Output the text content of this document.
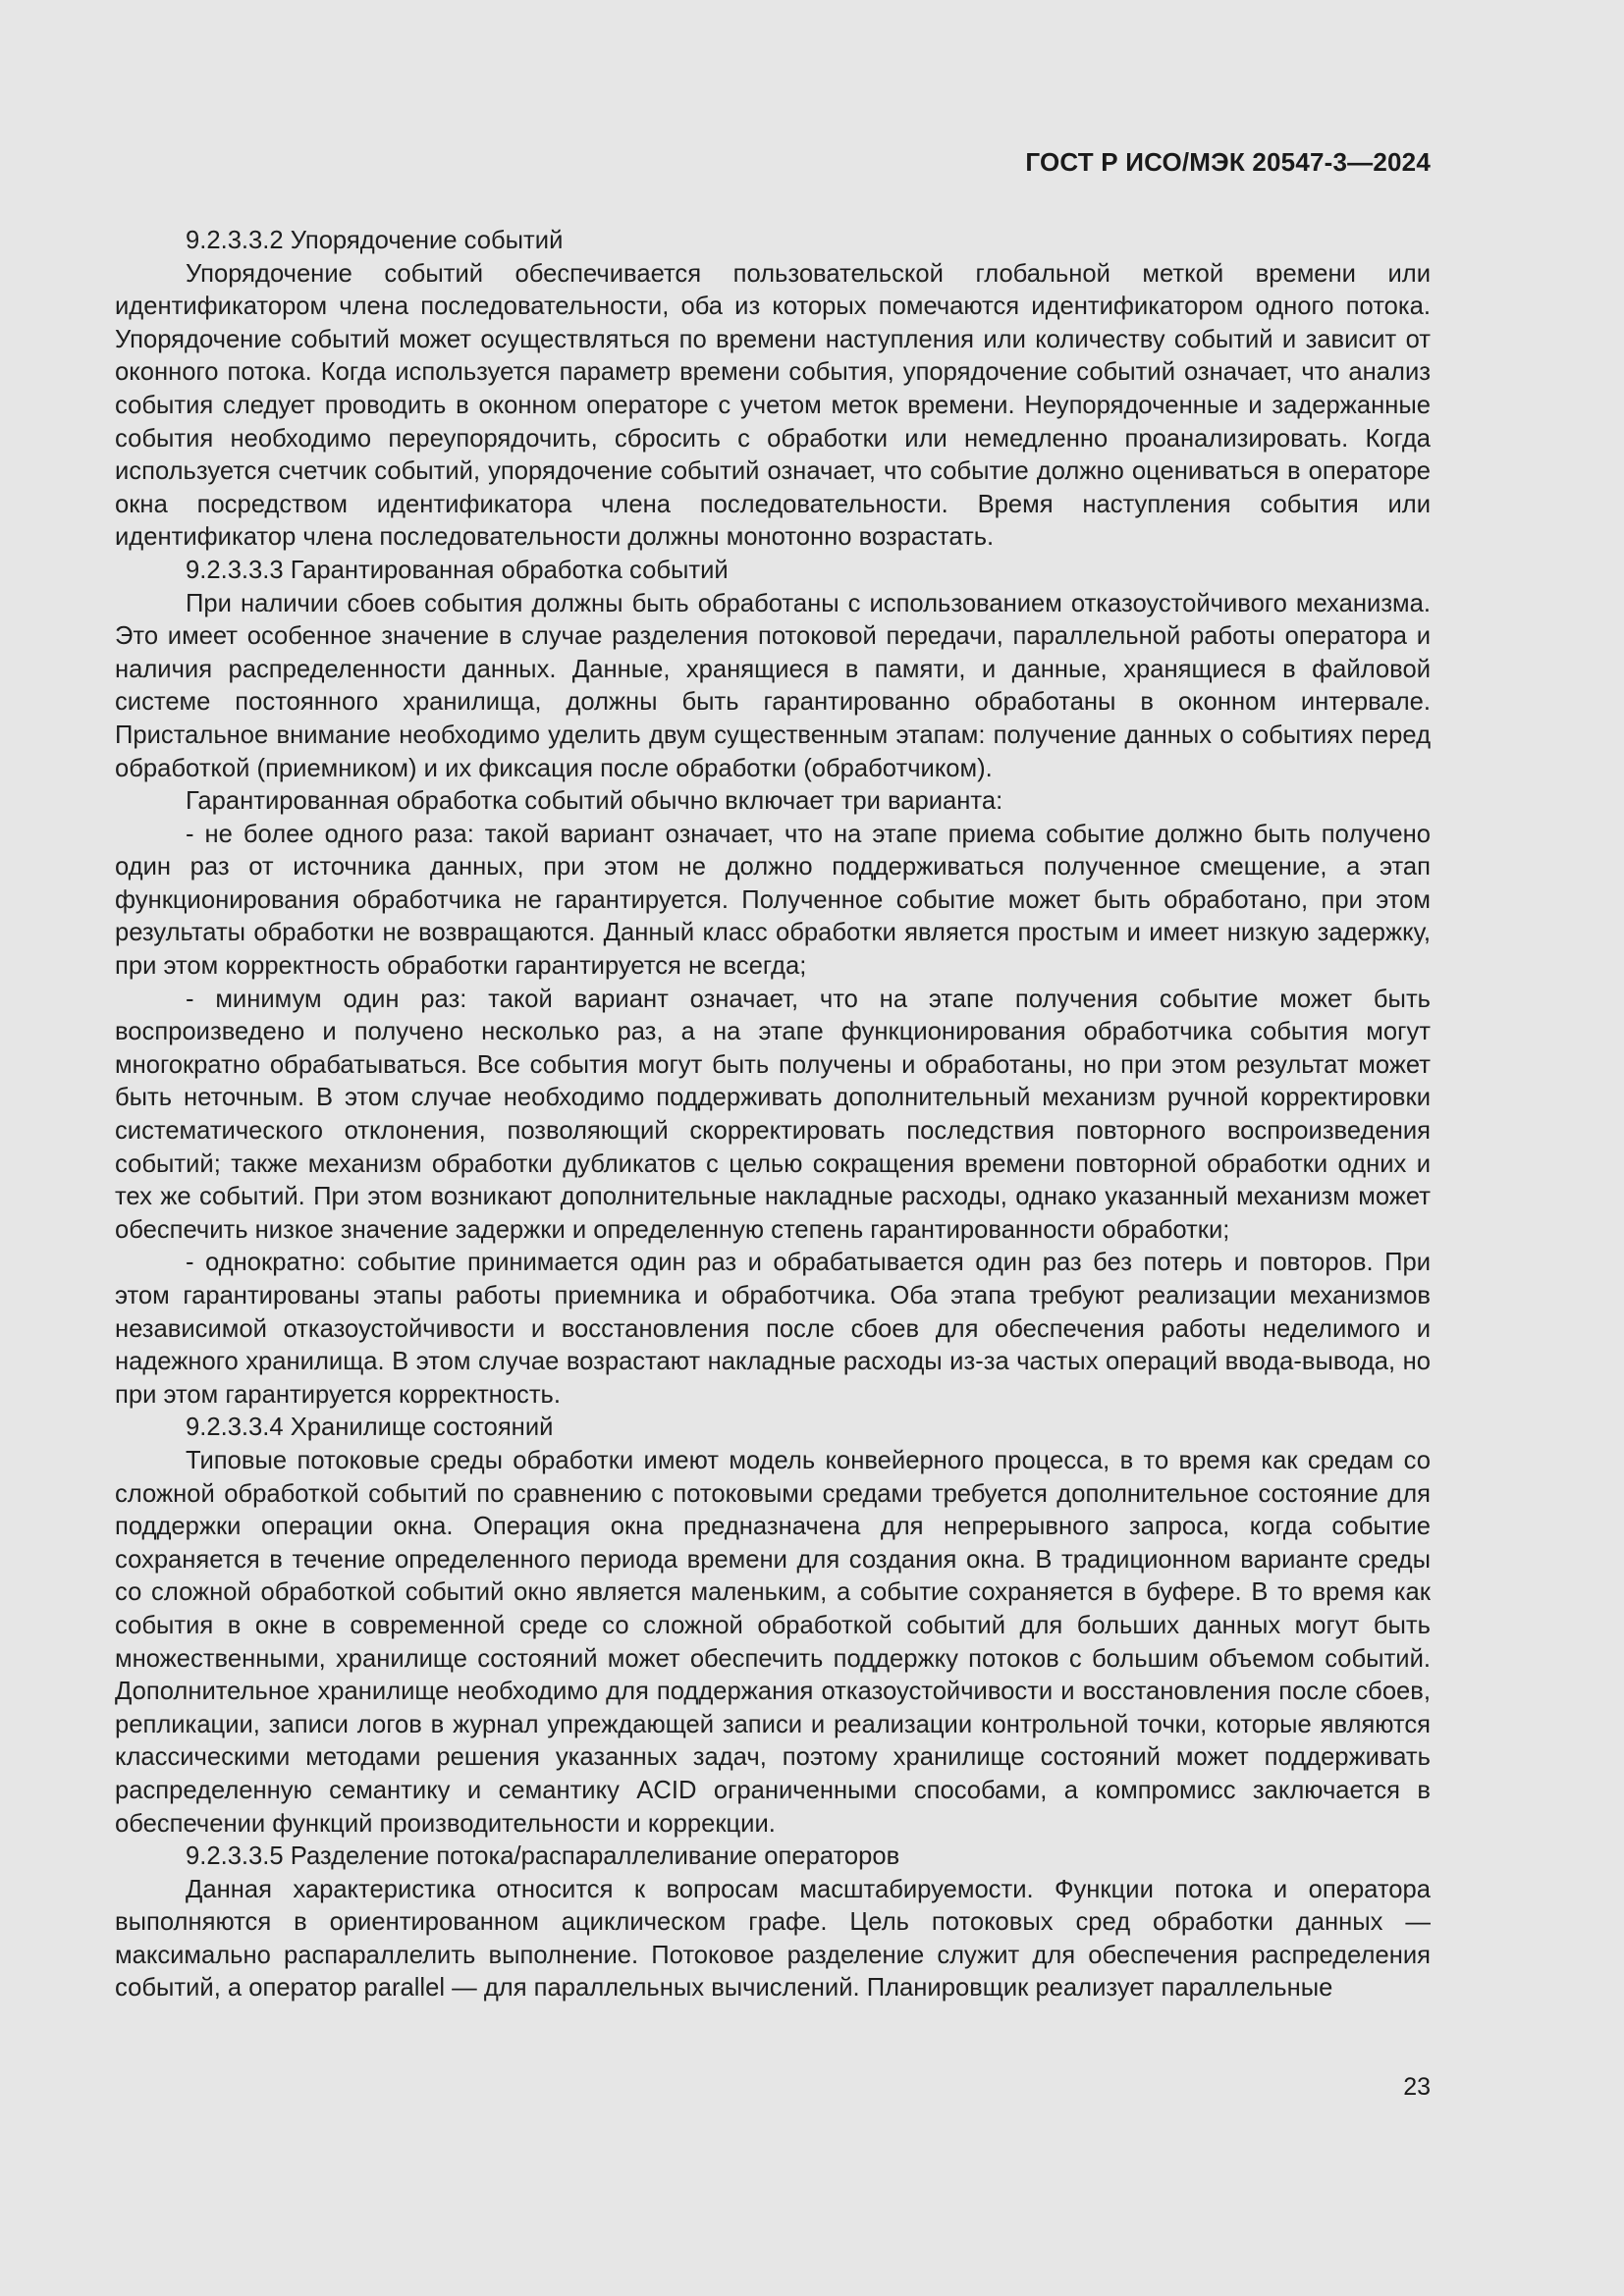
ГОСТ Р ИСО/МЭК 20547-3—2024

9.2.3.3.2 Упорядочение событий

Упорядочение событий обеспечивается пользовательской глобальной меткой времени или идентификатором члена последовательности, оба из которых помечаются идентификатором одного потока. Упорядочение событий может осуществляться по времени наступления или количеству событий и зависит от оконного потока. Когда используется параметр времени события, упорядочение событий означает, что анализ события следует проводить в оконном операторе с учетом меток времени. Неупорядоченные и задержанные события необходимо переупорядочить, сбросить с обработки или немедленно проанализировать. Когда используется счетчик событий, упорядочение событий означает, что событие должно оцениваться в операторе окна посредством идентификатора члена последовательности. Время наступления события или идентификатор члена последовательности должны монотонно возрастать.

9.2.3.3.3 Гарантированная обработка событий

При наличии сбоев события должны быть обработаны с использованием отказоустойчивого механизма. Это имеет особенное значение в случае разделения потоковой передачи, параллельной работы оператора и наличия распределенности данных. Данные, хранящиеся в памяти, и данные, хранящиеся в файловой системе постоянного хранилища, должны быть гарантированно обработаны в оконном интервале. Пристальное внимание необходимо уделить двум существенным этапам: получение данных о событиях перед обработкой (приемником) и их фиксация после обработки (обработчиком).

Гарантированная обработка событий обычно включает три варианта:

- не более одного раза: такой вариант означает, что на этапе приема событие должно быть получено один раз от источника данных, при этом не должно поддерживаться полученное смещение, а этап функционирования обработчика не гарантируется. Полученное событие может быть обработано, при этом результаты обработки не возвращаются. Данный класс обработки является простым и имеет низкую задержку, при этом корректность обработки гарантируется не всегда;

- минимум один раз: такой вариант означает, что на этапе получения событие может быть воспроизведено и получено несколько раз, а на этапе функционирования обработчика события могут многократно обрабатываться. Все события могут быть получены и обработаны, но при этом результат может быть неточным. В этом случае необходимо поддерживать дополнительный механизм ручной корректировки систематического отклонения, позволяющий скорректировать последствия повторного воспроизведения событий; также механизм обработки дубликатов с целью сокращения времени повторной обработки одних и тех же событий. При этом возникают дополнительные накладные расходы, однако указанный механизм может обеспечить низкое значение задержки и определенную степень гарантированности обработки;

- однократно: событие принимается один раз и обрабатывается один раз без потерь и повторов. При этом гарантированы этапы работы приемника и обработчика. Оба этапа требуют реализации механизмов независимой отказоустойчивости и восстановления после сбоев для обеспечения работы неделимого и надежного хранилища. В этом случае возрастают накладные расходы из-за частых операций ввода-вывода, но при этом гарантируется корректность.

9.2.3.3.4 Хранилище состояний

Типовые потоковые среды обработки имеют модель конвейерного процесса, в то время как средам со сложной обработкой событий по сравнению с потоковыми средами требуется дополнительное состояние для поддержки операции окна. Операция окна предназначена для непрерывного запроса, когда событие сохраняется в течение определенного периода времени для создания окна. В традиционном варианте среды со сложной обработкой событий окно является маленьким, а событие сохраняется в буфере. В то время как события в окне в современной среде со сложной обработкой событий для больших данных могут быть множественными, хранилище состояний может обеспечить поддержку потоков с большим объемом событий. Дополнительное хранилище необходимо для поддержания отказоустойчивости и восстановления после сбоев, репликации, записи логов в журнал упреждающей записи и реализации контрольной точки, которые являются классическими методами решения указанных задач, поэтому хранилище состояний может поддерживать распределенную семантику и семантику ACID ограниченными способами, а компромисс заключается в обеспечении функций производительности и коррекции.

9.2.3.3.5 Разделение потока/распараллеливание операторов

Данная характеристика относится к вопросам масштабируемости. Функции потока и оператора выполняются в ориентированном ациклическом графе. Цель потоковых сред обработки данных — максимально распараллелить выполнение. Потоковое разделение служит для обеспечения распределения событий, а оператор parallel — для параллельных вычислений. Планировщик реализует параллельные

23
